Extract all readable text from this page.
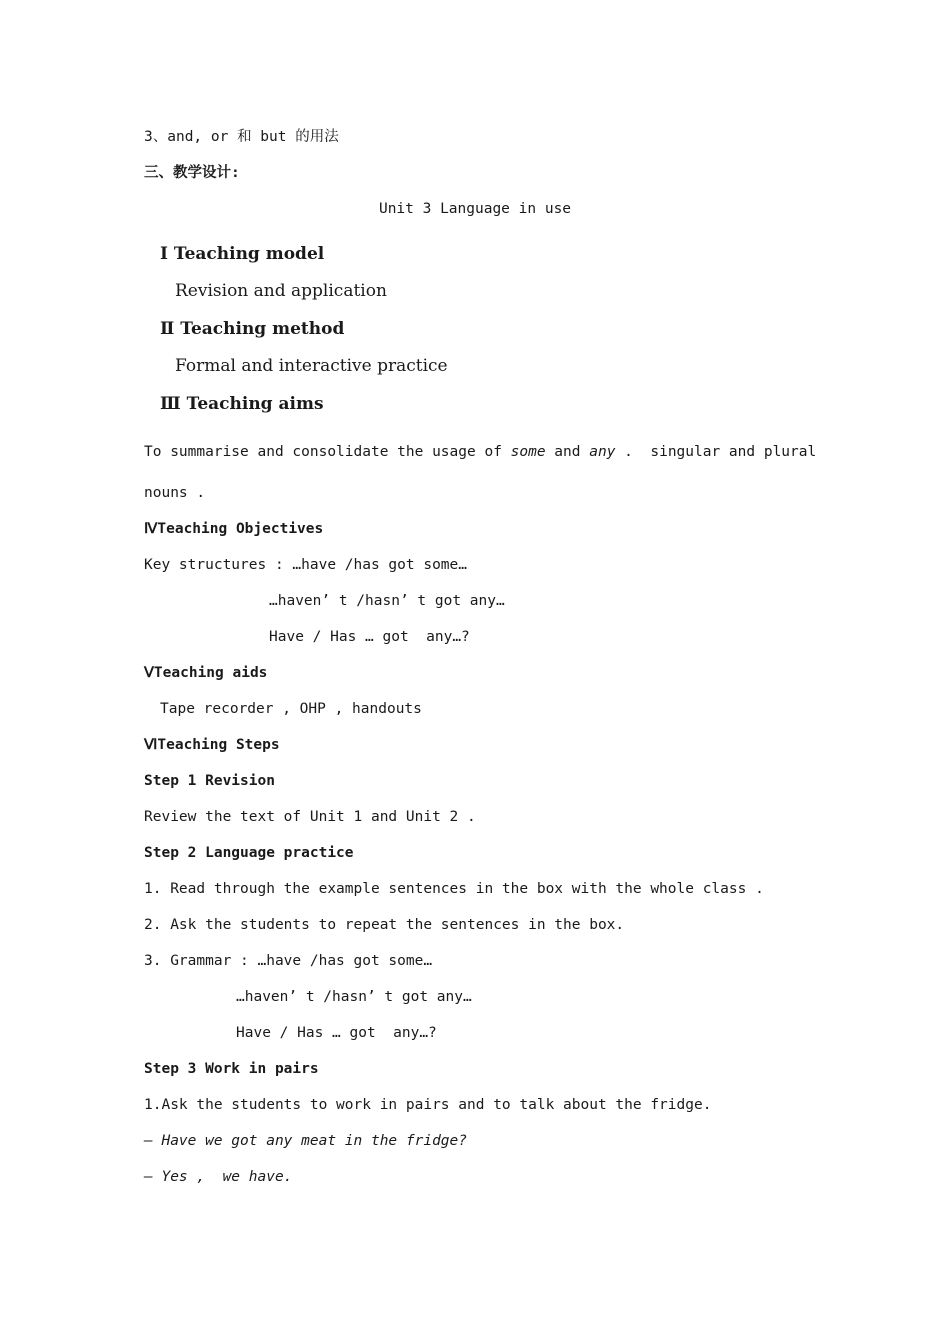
3、and, or 和 but 的用法
三、教学设计:
Unit 3 Language in use
Ⅰ Teaching model
Revision and application
Ⅱ Teaching method
Formal and interactive practice
Ⅲ Teaching aims
To summarise and consolidate the usage of some and any .  singular and plural
nouns .
ⅣTeaching Objectives
Key structures : …have /has got some…
…haven’ t /hasn’ t got any…
Have / Has … got  any…?
ⅤTeaching aids
Tape recorder , OHP , handouts
ⅥTeaching Steps
Step 1 Revision
Review the text of Unit 1 and Unit 2 .
Step 2 Language practice
1. Read through the example sentences in the box with the whole class .
2. Ask the students to repeat the sentences in the box.
3. Grammar : …have /has got some…
…haven’ t /hasn’ t got any…
Have / Has … got  any…?
Step 3 Work in pairs
1.Ask the students to work in pairs and to talk about the fridge.
— Have we got any meat in the fridge?
— Yes ,  we have.
